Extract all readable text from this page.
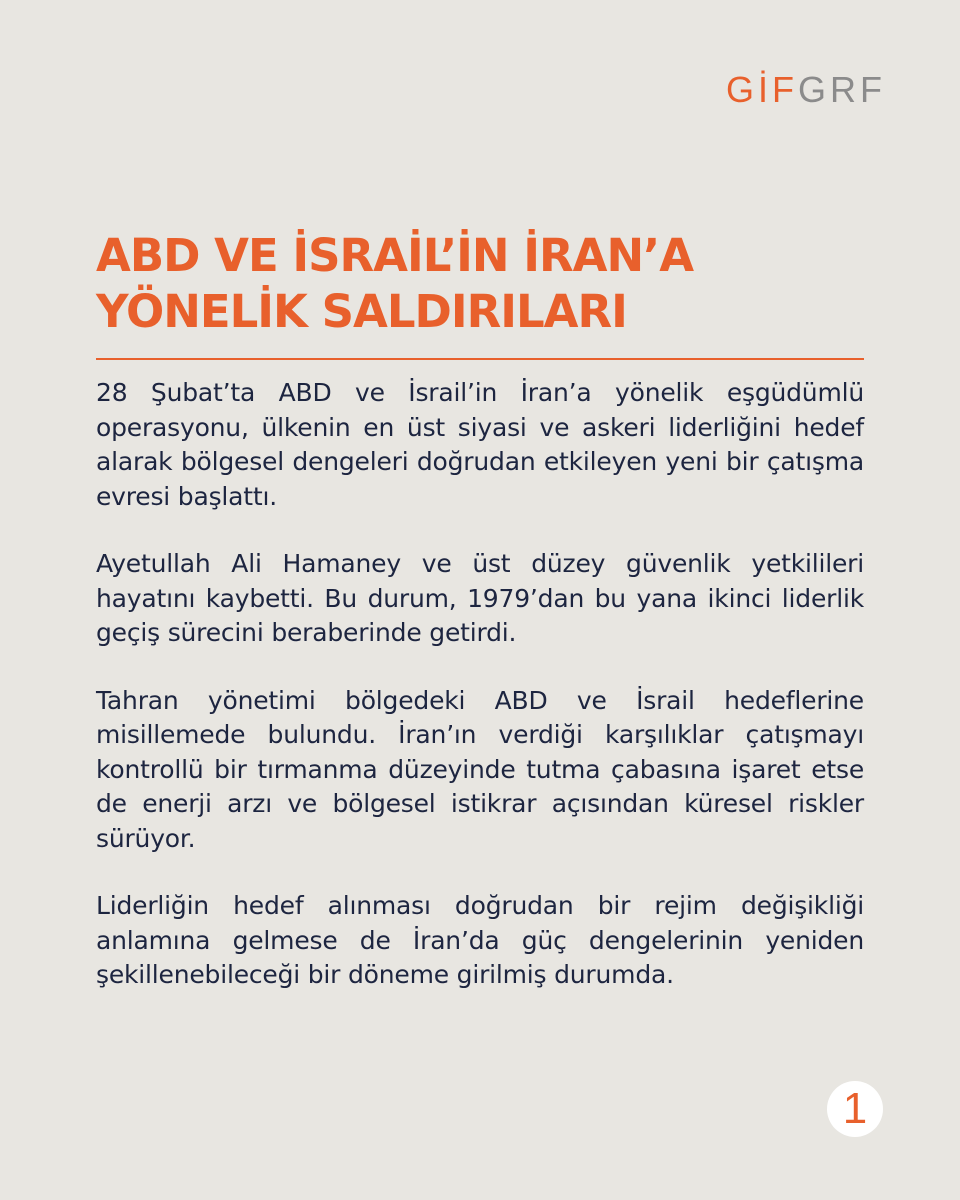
GİFGRF
ABD VE İSRAİL’İN İRAN’A
YÖNELİK SALDIRILARI

28 Şubat’ta ABD ve İsrail’in İran’a yönelik eşgüdümlü operasyonu, ülkenin en üst siyasi ve askeri liderliğini hedef alarak bölgesel dengeleri doğrudan etkileyen yeni bir çatışma evresi başlattı.

Ayetullah Ali Hamaney ve üst düzey güvenlik yetkilileri hayatını kaybetti. Bu durum, 1979’dan bu yana ikinci liderlik geçiş sürecini beraberinde getirdi.

Tahran yönetimi bölgedeki ABD ve İsrail hedeflerine misillemede bulundu. İran’ın verdiği karşılıklar çatışmayı kontrollü bir tırmanma düzeyinde tutma çabasına işaret etse de enerji arzı ve bölgesel istikrar açısından küresel riskler sürüyor.

Liderliğin hedef alınması doğrudan bir rejim değişikliği anlamına gelmese de İran’da güç dengelerinin yeniden şekillenebileceği bir döneme girilmiş durumda.

1
